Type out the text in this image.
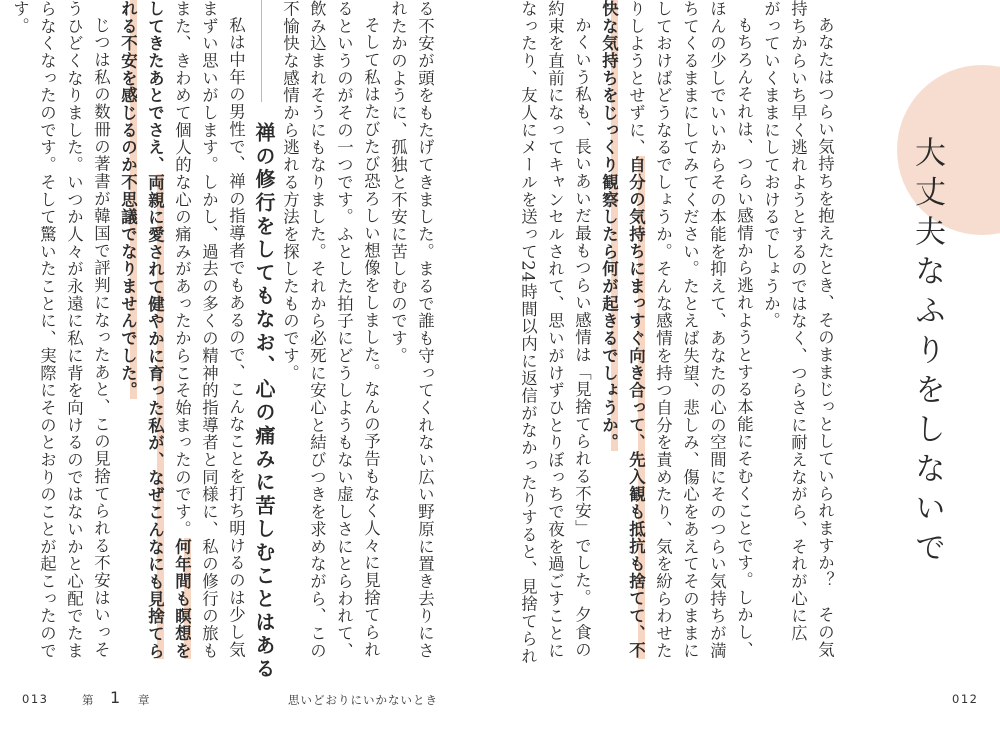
大丈夫なふりをしないで

あなたはつらい気持ちを抱えたとき、そのままじっとしていられますか？　その気

持ちからいち早く逃れようとするのではなく、つらさに耐えながら、それが心に広

がっていくままにしておけるでしょうか。

もちろんそれは、つらい感情から逃れようとする本能にそむくことです。しかし、

ほんの少しでいいからその本能を抑えて、あなたの心の空間にそのつらい気持ちが満

ちてくるままにしてみてください。たとえば失望、悲しみ、傷心をあえてそのままに

しておけばどうなるでしょうか。そんな感情を持つ自分を責めたり、気を紛らわせた

りしようとせずに、自分の気持ちにまっすぐ向き合って、先入観も抵抗も捨てて、不

快な気持ちをじっくり観察したら何が起きるでしょうか。

かくいう私も、長いあいだ最もつらい感情は「見捨てられる不安」でした。夕食の

約束を直前になってキャンセルされて、思いがけずひとりぼっちで夜を過ごすことに

なったり、友人にメールを送って24時間以内に返信がなかったりすると、見捨てられ

る不安が頭をもたげてきました。まるで誰も守ってくれない広い野原に置き去りにさ

れたかのように、孤独と不安に苦しむのです。

そして私はたびたび恐ろしい想像をしました。なんの予告もなく人々に見捨てられ

るというのがその一つです。ふとした拍子にどうしようもない虚しさにとらわれて、

飲み込まれそうにもなりました。それから必死に安心と結びつきを求めながら、この

不愉快な感情から逃れる方法を探したものです。

禅の修行をしてもなお、心の痛みに苦しむことはある

私は中年の男性で、禅の指導者でもあるので、こんなことを打ち明けるのは少し気

まずい思いがします。しかし、過去の多くの精神的指導者と同様に、私の修行の旅も

また、きわめて個人的な心の痛みがあったからこそ始まったのです。何年間も瞑想を

してきたあとでさえ、両親に愛されて健やかに育った私が、なぜこんなにも見捨てら

れる不安を感じるのか不思議でなりませんでした。

じつは私の数冊の著書が韓国で評判になったあと、この見捨てられる不安はいっそ

うひどくなりました。いつか人々が永遠に私に背を向けるのではないかと心配でたま

らなくなったのです。そして驚いたことに、実際にそのとおりのことが起こったので

す。

013	第 1 章	思いどおりにいかないとき	012
